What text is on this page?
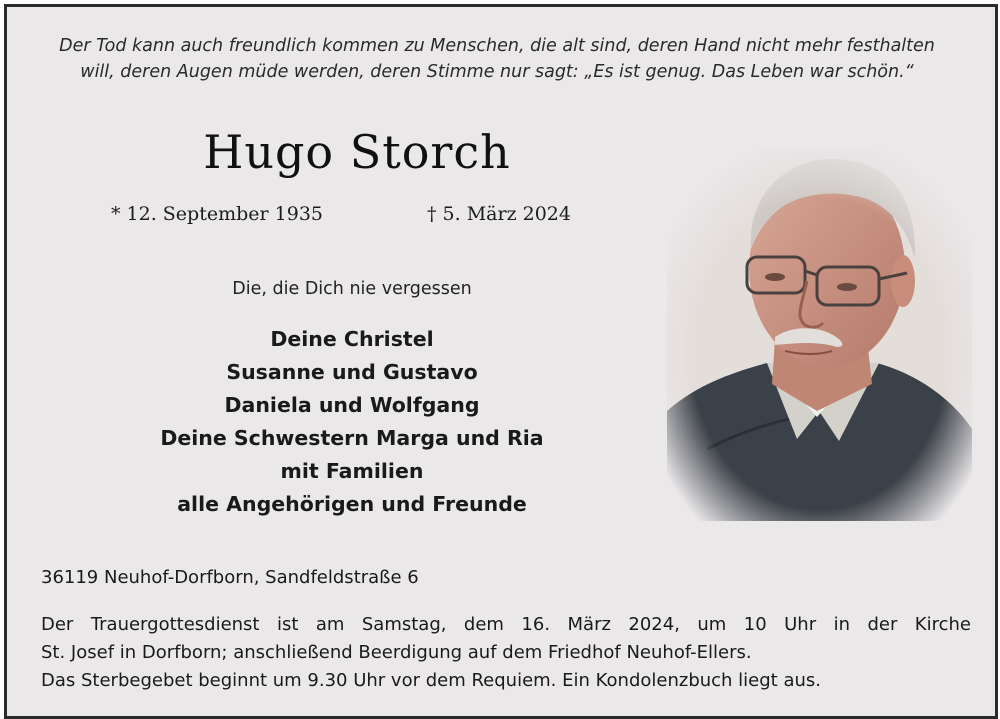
Der Tod kann auch freundlich kommen zu Menschen, die alt sind, deren Hand nicht mehr festhalten
will, deren Augen müde werden, deren Stimme nur sagt: „Es ist genug. Das Leben war schön.“
Hugo Storch
* 12. September 1935	† 5. März 2024
Die, die Dich nie vergessen
Deine Christel
Susanne und Gustavo
Daniela und Wolfgang
Deine Schwestern Marga und Ria
mit Familien
alle Angehörigen und Freunde
36119 Neuhof-Dorfborn, Sandfeldstraße 6
Der Trauergottesdienst ist am Samstag, dem 16. März 2024, um 10 Uhr in der Kirche
St. Josef in Dorfborn; anschließend Beerdigung auf dem Friedhof Neuhof-Ellers.
Das Sterbegebet beginnt um 9.30 Uhr vor dem Requiem. Ein Kondolenzbuch liegt aus.
